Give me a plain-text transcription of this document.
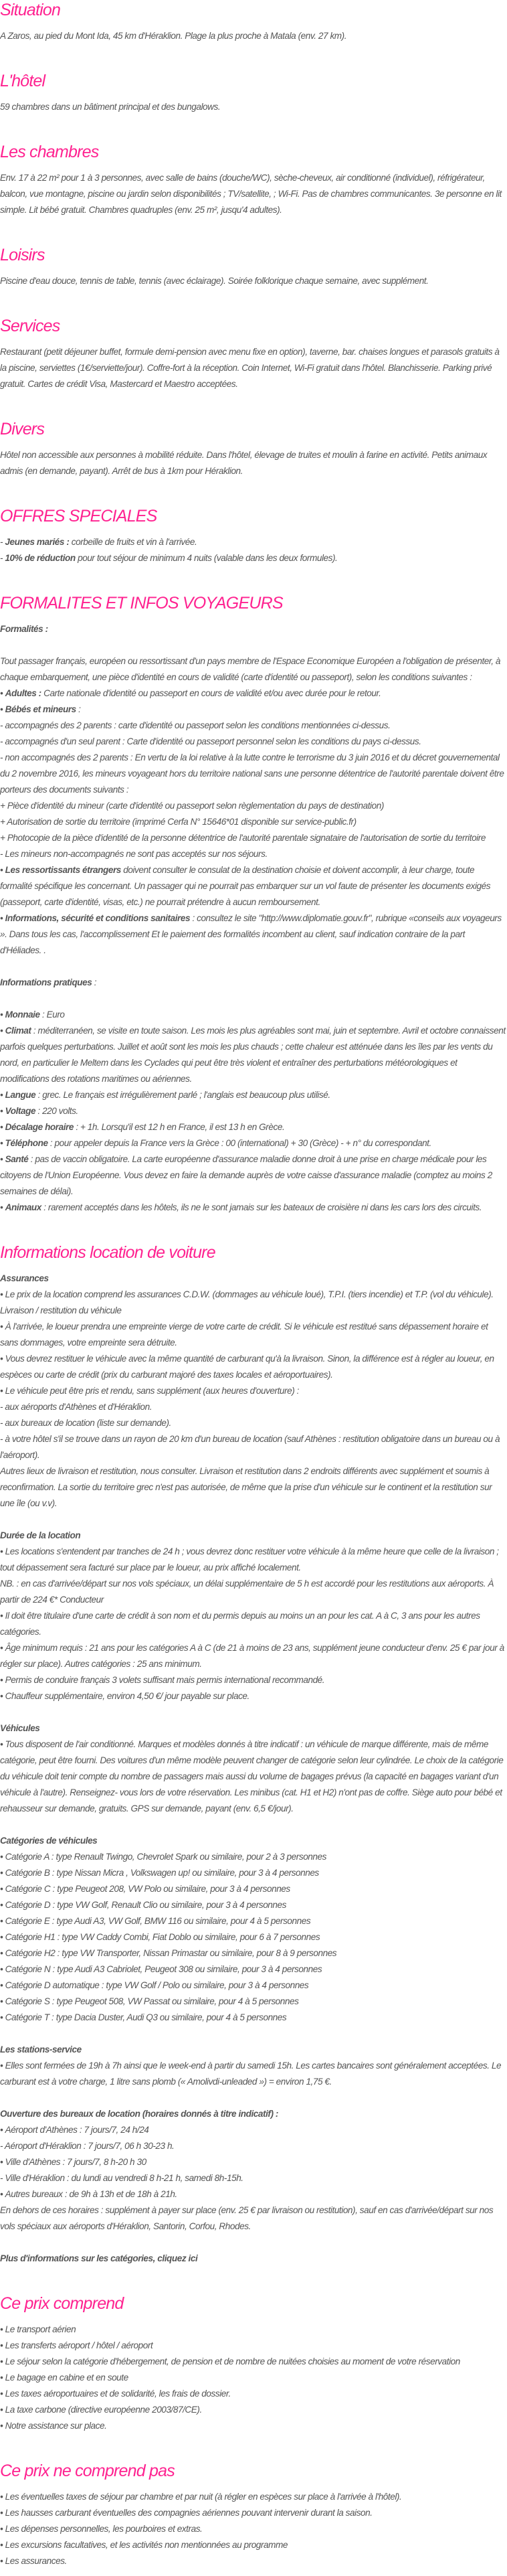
Situation

A Zaros, au pied du Mont Ida, 45 km d'Héraklion. Plage la plus proche à Matala (env. 27 km).

L'hôtel

59 chambres dans un bâtiment principal et des bungalows.

Les chambres

Env. 17 à 22 m² pour 1 à 3 personnes, avec salle de bains (douche/WC), sèche-cheveux, air conditionné (individuel), réfrigérateur, balcon, vue montagne, piscine ou jardin selon disponibilités ; TV/satellite, ; Wi-Fi. Pas de chambres communicantes. 3e personne en lit simple. Lit bébé gratuit. Chambres quadruples (env. 25 m², jusqu'4 adultes).

Loisirs

Piscine d'eau douce, tennis de table, tennis (avec éclairage). Soirée folklorique chaque semaine, avec supplément.

Services

Restaurant (petit déjeuner buffet, formule demi-pension avec menu fixe en option), taverne, bar. chaises longues et parasols gratuits à la piscine, serviettes (1€/serviette/jour). Coffre-fort à la réception. Coin Internet, Wi-Fi gratuit dans l'hôtel. Blanchisserie. Parking privé gratuit. Cartes de crédit Visa, Mastercard et Maestro acceptées.

Divers

Hôtel non accessible aux personnes à mobilité réduite. Dans l'hôtel, élevage de truites et moulin à farine en activité. Petits animaux admis (en demande, payant). Arrêt de bus à 1km pour Héraklion.

OFFRES SPECIALES

- Jeunes mariés : corbeille de fruits et vin à l'arrivée.

- 10% de réduction pour tout séjour de minimum 4 nuits (valable dans les deux formules).

FORMALITES ET INFOS VOYAGEURS
Formalités :

Tout passager français, européen ou ressortissant d'un pays membre de l'Espace Economique Européen a l'obligation de présenter, à chaque embarquement, une pièce d'identité en cours de validité (carte d'identité ou passeport), selon les conditions suivantes :

• Adultes : Carte nationale d'identité ou passeport en cours de validité et/ou avec durée pour le retour.

• Bébés et mineurs :

- accompagnés des 2 parents : carte d'identité ou passeport selon les conditions mentionnées ci-dessus.

- accompagnés d'un seul parent : Carte d'identité ou passeport personnel selon les conditions du pays ci-dessus.

- non accompagnés des 2 parents : En vertu de la loi relative à la lutte contre le terrorisme du 3 juin 2016 et du décret gouvernemental du 2 novembre 2016, les mineurs voyageant hors du territoire national sans une personne détentrice de l'autorité parentale doivent être porteurs des documents suivants :

+ Pièce d'identité du mineur (carte d'identité ou passeport selon règlementation du pays de destination)

+ Autorisation de sortie du territoire (imprimé Cerfa N° 15646*01 disponible sur service-public.fr)

+ Photocopie de la pièce d'identité de la personne détentrice de l'autorité parentale signataire de l'autorisation de sortie du territoire

- Les mineurs non-accompagnés ne sont pas acceptés sur nos séjours.

• Les ressortissants étrangers doivent consulter le consulat de la destination choisie et doivent accomplir, à leur charge, toute formalité spécifique les concernant. Un passager qui ne pourrait pas embarquer sur un vol faute de présenter les documents exigés (passeport, carte d'identité, visas, etc.) ne pourrait prétendre à aucun remboursement.

• Informations, sécurité et conditions sanitaires : consultez le site "http://www.diplomatie.gouv.fr", rubrique «conseils aux voyageurs ». Dans tous les cas, l'accomplissement Et le paiement des formalités incombent au client, sauf indication contraire de la part d'Héliades. .

Informations pratiques :

• Monnaie : Euro

• Climat : méditerranéen, se visite en toute saison. Les mois les plus agréables sont mai, juin et septembre. Avril et octobre connaissent parfois quelques perturbations. Juillet et août sont les mois les plus chauds ; cette chaleur est atténuée dans les îles par les vents du nord, en particulier le Meltem dans les Cyclades qui peut être très violent et entraîner des perturbations météorologiques et modifications des rotations maritimes ou aériennes.

• Langue : grec. Le français est irrégulièrement parlé ; l'anglais est beaucoup plus utilisé.

• Voltage : 220 volts.

• Décalage horaire : + 1h. Lorsqu'il est 12 h en France, il est 13 h en Grèce.

• Téléphone : pour appeler depuis la France vers la Grèce : 00 (international) + 30 (Grèce) - + n° du correspondant.

• Santé : pas de vaccin obligatoire. La carte européenne d'assurance maladie donne droit à une prise en charge médicale pour les citoyens de l'Union Européenne. Vous devez en faire la demande auprès de votre caisse d'assurance maladie (comptez au moins 2 semaines de délai).

• Animaux : rarement acceptés dans les hôtels, ils ne le sont jamais sur les bateaux de croisière ni dans les cars lors des circuits.

Informations location de voiture
Assurances

• Le prix de la location comprend les assurances C.D.W. (dommages au véhicule loué), T.P.I. (tiers incendie) et T.P. (vol du véhicule). Livraison / restitution du véhicule

• À l'arrivée, le loueur prendra une empreinte vierge de votre carte de crédit. Si le véhicule est restitué sans dépassement horaire et sans dommages, votre empreinte sera détruite.

• Vous devrez restituer le véhicule avec la même quantité de carburant qu'à la livraison. Sinon, la différence est à régler au loueur, en espèces ou carte de crédit (prix du carburant majoré des taxes locales et aéroportuaires).

• Le véhicule peut être pris et rendu, sans supplément (aux heures d'ouverture) :

- aux aéroports d'Athènes et d'Héraklion.

- aux bureaux de location (liste sur demande).

- à votre hôtel s'il se trouve dans un rayon de 20 km d'un bureau de location (sauf Athènes : restitution obligatoire dans un bureau ou à l'aéroport).

Autres lieux de livraison et restitution, nous consulter. Livraison et restitution dans 2 endroits différents avec supplément et soumis à reconfirmation. La sortie du territoire grec n'est pas autorisée, de même que la prise d'un véhicule sur le continent et la restitution sur une île (ou v.v).

Durée de la location

• Les locations s'entendent par tranches de 24 h ; vous devrez donc restituer votre véhicule à la même heure que celle de la livraison ; tout dépassement sera facturé sur place par le loueur, au prix affiché localement.

NB. : en cas d'arrivée/départ sur nos vols spéciaux, un délai supplémentaire de 5 h est accordé pour les restitutions aux aéroports. À partir de 224 €* Conducteur

• Il doit être titulaire d'une carte de crédit à son nom et du permis depuis au moins un an pour les cat. A à C, 3 ans pour les autres catégories.

• Âge minimum requis : 21 ans pour les catégories A à C (de 21 à moins de 23 ans, supplément jeune conducteur d'env. 25 € par jour à régler sur place). Autres catégories : 25 ans minimum.

• Permis de conduire français 3 volets suffisant mais permis international recommandé.

• Chauffeur supplémentaire, environ 4,50 €/ jour payable sur place.

Véhicules

• Tous disposent de l'air conditionné. Marques et modèles donnés à titre indicatif : un véhicule de marque différente, mais de même catégorie, peut être fourni. Des voitures d'un même modèle peuvent changer de catégorie selon leur cylindrée. Le choix de la catégorie du véhicule doit tenir compte du nombre de passagers mais aussi du volume de bagages prévus (la capacité en bagages variant d'un véhicule à l'autre). Renseignez- vous lors de votre réservation. Les minibus (cat. H1 et H2) n'ont pas de coffre. Siège auto pour bébé et rehausseur sur demande, gratuits. GPS sur demande, payant (env. 6,5 €/jour).

Catégories de véhicules

• Catégorie A : type Renault Twingo, Chevrolet Spark ou similaire, pour 2 à 3 personnes

• Catégorie B : type Nissan Micra , Volkswagen up! ou similaire, pour 3 à 4 personnes

• Catégorie C : type Peugeot 208, VW Polo ou similaire, pour 3 à 4 personnes

• Catégorie D : type VW Golf, Renault Clio ou similaire, pour 3 à 4 personnes

• Catégorie E : type Audi A3, VW Golf, BMW 116 ou similaire, pour 4 à 5 personnes

• Catégorie H1 : type VW Caddy Combi, Fiat Doblo ou similaire, pour 6 à 7 personnes

• Catégorie H2 : type VW Transporter, Nissan Primastar ou similaire, pour 8 à 9 personnes

• Catégorie N : type Audi A3 Cabriolet, Peugeot 308 ou similaire, pour 3 à 4 personnes

• Catégorie D automatique : type VW Golf / Polo ou similaire, pour 3 à 4 personnes

• Catégorie S : type Peugeot 508, VW Passat ou similaire, pour 4 à 5 personnes

• Catégorie T : type Dacia Duster, Audi Q3 ou similaire, pour 4 à 5 personnes

Les stations-service

• Elles sont fermées de 19h à 7h ainsi que le week-end à partir du samedi 15h. Les cartes bancaires sont généralement acceptées. Le carburant est à votre charge, 1 litre sans plomb (« Amolivdi-unleaded ») = environ 1,75 €.

Ouverture des bureaux de location (horaires donnés à titre indicatif) :

• Aéroport d'Athènes : 7 jours/7, 24 h/24

- Aéroport d'Héraklion : 7 jours/7, 06 h 30-23 h.

• Ville d'Athènes : 7 jours/7, 8 h-20 h 30

- Ville d'Héraklion : du lundi au vendredi 8 h-21 h, samedi 8h-15h.

• Autres bureaux : de 9h à 13h et de 18h à 21h.

En dehors de ces horaires : supplément à payer sur place (env. 25 € par livraison ou restitution), sauf en cas d'arrivée/départ sur nos vols spéciaux aux aéroports d'Héraklion, Santorin, Corfou, Rhodes.

Plus d'informations sur les catégories, cliquez ici
Ce prix comprend

• Le transport aérien

• Les transferts aéroport / hôtel / aéroport

• Le séjour selon la catégorie d'hébergement, de pension et de nombre de nuitées choisies au moment de votre réservation

• Le bagage en cabine et en soute

• Les taxes aéroportuaires et de solidarité, les frais de dossier.

• La taxe carbone (directive européenne 2003/87/CE).

• Notre assistance sur place.

Ce prix ne comprend pas

• Les éventuelles taxes de séjour par chambre et par nuit (à régler en espèces sur place à l'arrivée à l'hôtel).

• Les hausses carburant éventuelles des compagnies aériennes pouvant intervenir durant la saison.

• Les dépenses personnelles, les pourboires et extras.

• Les excursions facultatives, et les activités non mentionnées au programme

• Les assurances.
